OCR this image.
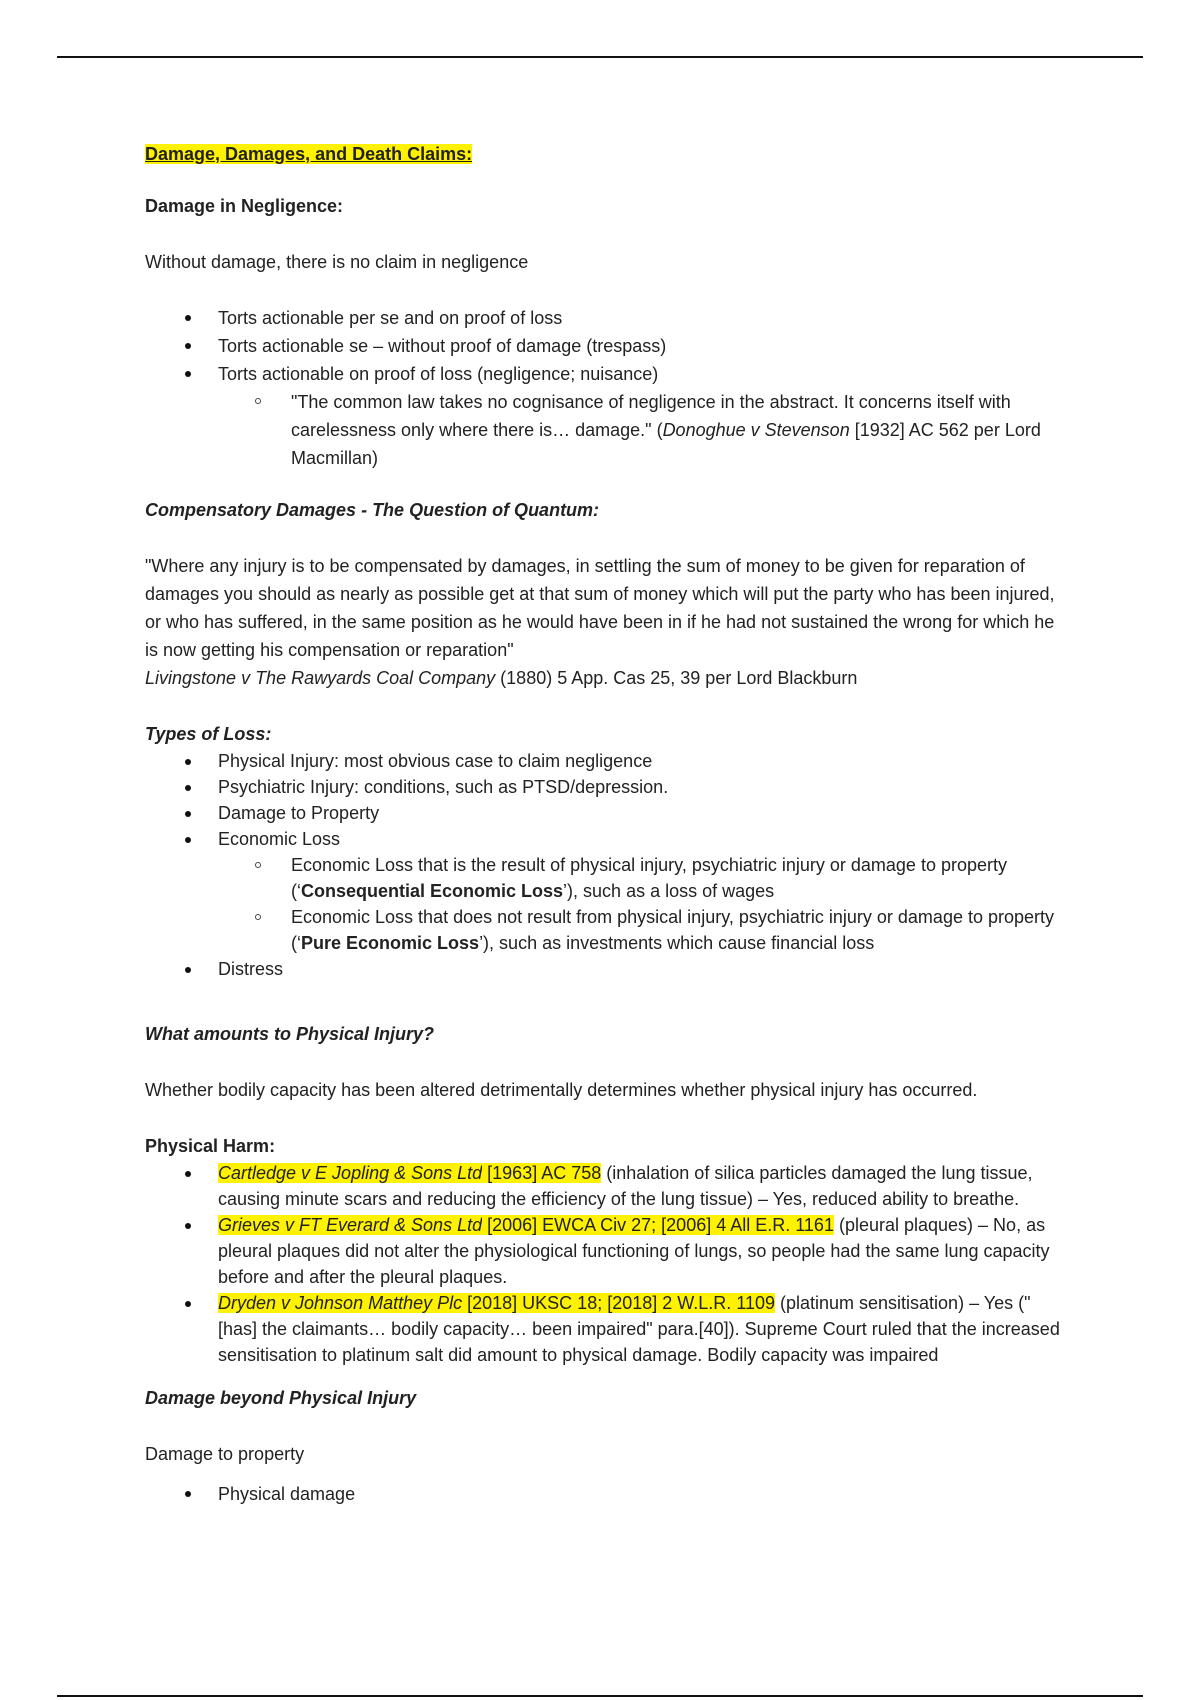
Damage, Damages, and Death Claims:

Damage in Negligence:

Without damage, there is no claim in negligence

Torts actionable per se and on proof of loss
Torts actionable se – without proof of damage (trespass)
Torts actionable on proof of loss (negligence; nuisance)
"The common law takes no cognisance of negligence in the abstract. It concerns itself with carelessness only where there is… damage." (Donoghue v Stevenson [1932] AC 562 per Lord Macmillan)

Compensatory Damages - The Question of Quantum:

"Where any injury is to be compensated by damages, in settling the sum of money to be given for reparation of damages you should as nearly as possible get at that sum of money which will put the party who has been injured, or who has suffered, in the same position as he would have been in if he had not sustained the wrong for which he is now getting his compensation or reparation"

Livingstone v The Rawyards Coal Company (1880) 5 App. Cas 25, 39 per Lord Blackburn

Types of Loss:

Physical Injury: most obvious case to claim negligence
Psychiatric Injury: conditions, such as PTSD/depression.
Damage to Property
Economic Loss
Economic Loss that is the result of physical injury, psychiatric injury or damage to property (‘Consequential Economic Loss’), such as a loss of wages
Economic Loss that does not result from physical injury, psychiatric injury or damage to property (‘Pure Economic Loss’), such as investments which cause financial loss
Distress

What amounts to Physical Injury?

Whether bodily capacity has been altered detrimentally determines whether physical injury has occurred.

Physical Harm:

Cartledge v E Jopling & Sons Ltd [1963] AC 758 (inhalation of silica particles damaged the lung tissue, causing minute scars and reducing the efficiency of the lung tissue) – Yes, reduced ability to breathe.
Grieves v FT Everard & Sons Ltd [2006] EWCA Civ 27; [2006] 4 All E.R. 1161 (pleural plaques) – No, as pleural plaques did not alter the physiological functioning of lungs, so people had the same lung capacity before and after the pleural plaques.
Dryden v Johnson Matthey Plc [2018] UKSC 18; [2018] 2 W.L.R. 1109 (platinum sensitisation) – Yes ("[has] the claimants… bodily capacity… been impaired" para.[40]). Supreme Court ruled that the increased sensitisation to platinum salt did amount to physical damage. Bodily capacity was impaired

Damage beyond Physical Injury

Damage to property

Physical damage
